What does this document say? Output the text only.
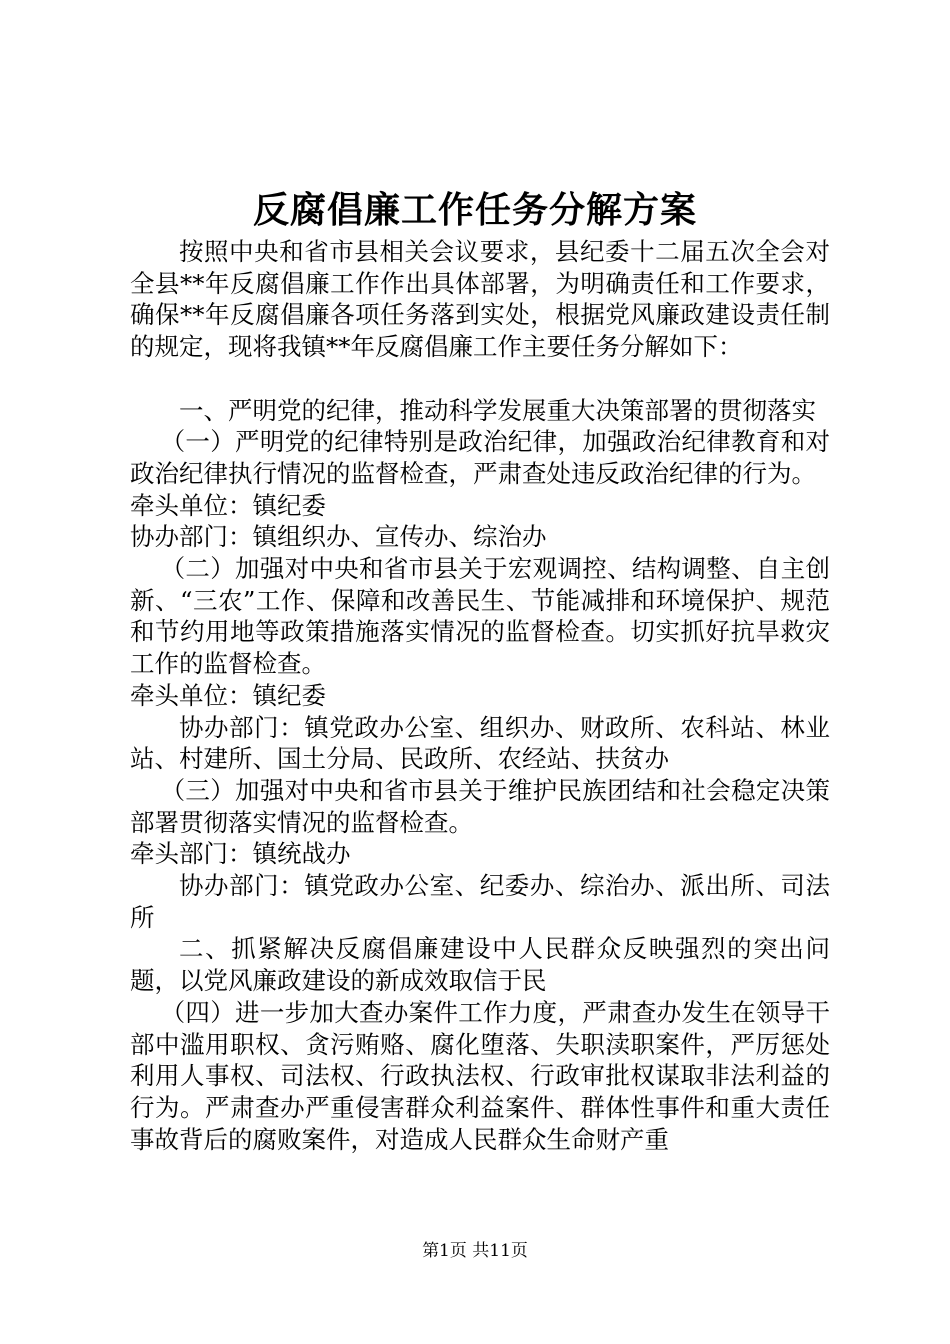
反腐倡廉工作任务分解方案

按照中央和省市县相关会议要求，县纪委十二届五次全会对全县**年反腐倡廉工作作出具体部署，为明确责任和工作要求，确保**年反腐倡廉各项任务落到实处，根据党风廉政建设责任制的规定，现将我镇**年反腐倡廉工作主要任务分解如下：

一、严明党的纪律，推动科学发展重大决策部署的贯彻落实

（一）严明党的纪律特别是政治纪律，加强政治纪律教育和对政治纪律执行情况的监督检查，严肃查处违反政治纪律的行为。

牵头单位：镇纪委

协办部门：镇组织办、宣传办、综治办

（二）加强对中央和省市县关于宏观调控、结构调整、自主创新、“三农”工作、保障和改善民生、节能减排和环境保护、规范和节约用地等政策措施落实情况的监督检查。切实抓好抗旱救灾工作的监督检查。

牵头单位：镇纪委

协办部门：镇党政办公室、组织办、财政所、农科站、林业站、村建所、国土分局、民政所、农经站、扶贫办

（三）加强对中央和省市县关于维护民族团结和社会稳定决策部署贯彻落实情况的监督检查。

牵头部门：镇统战办

协办部门：镇党政办公室、纪委办、综治办、派出所、司法所

二、抓紧解决反腐倡廉建设中人民群众反映强烈的突出问题，以党风廉政建设的新成效取信于民

（四）进一步加大查办案件工作力度，严肃查办发生在领导干部中滥用职权、贪污贿赂、腐化堕落、失职渎职案件，严厉惩处利用人事权、司法权、行政执法权、行政审批权谋取非法利益的行为。严肃查办严重侵害群众利益案件、群体性事件和重大责任事故背后的腐败案件，对造成人民群众生命财产重

第1页 共11页
